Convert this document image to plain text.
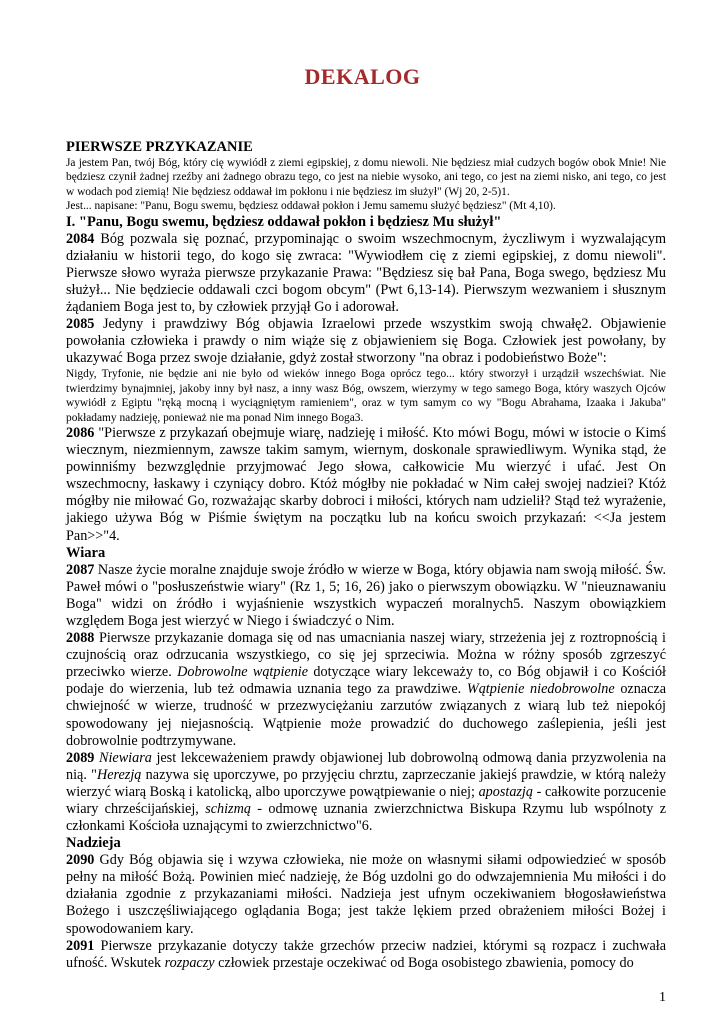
DEKALOG

PIERWSZE PRZYKAZANIE

Ja jestem Pan, twój Bóg, który cię wywiódł z ziemi egipskiej, z domu niewoli. Nie będziesz miał cudzych bogów obok Mnie! Nie będziesz czynił żadnej rzeźby ani żadnego obrazu tego, co jest na niebie wysoko, ani tego, co jest na ziemi nisko, ani tego, co jest w wodach pod ziemią! Nie będziesz oddawał im pokłonu i nie będziesz im służył" (Wj 20, 2-5)1.

Jest... napisane: "Panu, Bogu swemu, będziesz oddawał pokłon i Jemu samemu służyć będziesz" (Mt 4,10).

I. "Panu, Bogu swemu, będziesz oddawał pokłon i będziesz Mu służył"

2084 Bóg pozwala się poznać, przypominając o swoim wszechmocnym, życzliwym i wyzwalającym działaniu w historii tego, do kogo się zwraca: "Wywiodłem cię z ziemi egipskiej, z domu niewoli". Pierwsze słowo wyraża pierwsze przykazanie Prawa: "Będziesz się bał Pana, Boga swego, będziesz Mu służył... Nie będziecie oddawali czci bogom obcym" (Pwt 6,13-14). Pierwszym wezwaniem i słusznym żądaniem Boga jest to, by człowiek przyjął Go i adorował.

2085 Jedyny i prawdziwy Bóg objawia Izraelowi przede wszystkim swoją chwałę2. Objawienie powołania człowieka i prawdy o nim wiąże się z objawieniem się Boga. Człowiek jest powołany, by ukazywać Boga przez swoje działanie, gdyż został stworzony "na obraz i podobieństwo Boże":

Nigdy, Tryfonie, nie będzie ani nie było od wieków innego Boga oprócz tego... który stworzył i urządził wszechświat. Nie twierdzimy bynajmniej, jakoby inny był nasz, a inny wasz Bóg, owszem, wierzymy w tego samego Boga, który waszych Ojców wywiódł z Egiptu "ręką mocną i wyciągniętym ramieniem", oraz w tym samym co wy "Bogu Abrahama, Izaaka i Jakuba" pokładamy nadzieję, ponieważ nie ma ponad Nim innego Boga3.

2086 "Pierwsze z przykazań obejmuje wiarę, nadzieję i miłość. Kto mówi Bogu, mówi w istocie o Kimś wiecznym, niezmiennym, zawsze takim samym, wiernym, doskonale sprawiedliwym. Wynika stąd, że powinniśmy bezwzględnie przyjmować Jego słowa, całkowicie Mu wierzyć i ufać. Jest On wszechmocny, łaskawy i czyniący dobro. Któż mógłby nie pokładać w Nim całej swojej nadziei? Któż mógłby nie miłować Go, rozważając skarby dobroci i miłości, których nam udzielił? Stąd też wyrażenie, jakiego używa Bóg w Piśmie świętym na początku lub na końcu swoich przykazań: <<Ja jestem Pan>>"4.

Wiara

2087 Nasze życie moralne znajduje swoje źródło w wierze w Boga, który objawia nam swoją miłość. Św. Paweł mówi o "posłuszeństwie wiary" (Rz 1, 5; 16, 26) jako o pierwszym obowiązku. W "nieuznawaniu Boga" widzi on źródło i wyjaśnienie wszystkich wypaczeń moralnych5. Naszym obowiązkiem względem Boga jest wierzyć w Niego i świadczyć o Nim.

2088 Pierwsze przykazanie domaga się od nas umacniania naszej wiary, strzeżenia jej z roztropnością i czujnością oraz odrzucania wszystkiego, co się jej sprzeciwia. Można w różny sposób zgrzeszyć przeciwko wierze. Dobrowolne wątpienie dotyczące wiary lekceważy to, co Bóg objawił i co Kościół podaje do wierzenia, lub też odmawia uznania tego za prawdziwe. Wątpienie niedobrowolne oznacza chwiejność w wierze, trudność w przezwyciężaniu zarzutów związanych z wiarą lub też niepokój spowodowany jej niejasnością. Wątpienie może prowadzić do duchowego zaślepienia, jeśli jest dobrowolnie podtrzymywane.

2089 Niewiara jest lekceważeniem prawdy objawionej lub dobrowolną odmową dania przyzwolenia na nią. "Herezją nazywa się uporczywe, po przyjęciu chrztu, zaprzeczanie jakiejś prawdzie, w którą należy wierzyć wiarą Boską i katolicką, albo uporczywe powątpiewanie o niej; apostazją - całkowite porzucenie wiary chrześcijańskiej, schizmą - odmowę uznania zwierzchnictwa Biskupa Rzymu lub wspólnoty z członkami Kościoła uznającymi to zwierzchnictwo"6.

Nadzieja

2090 Gdy Bóg objawia się i wzywa człowieka, nie może on własnymi siłami odpowiedzieć w sposób pełny na miłość Bożą. Powinien mieć nadzieję, że Bóg uzdolni go do odwzajemnienia Mu miłości i do działania zgodnie z przykazaniami miłości. Nadzieja jest ufnym oczekiwaniem błogosławieństwa Bożego i uszczęśliwiającego oglądania Boga; jest także lękiem przed obrażeniem miłości Bożej i spowodowaniem kary.

2091 Pierwsze przykazanie dotyczy także grzechów przeciw nadziei, którymi są rozpacz i zuchwała ufność. Wskutek rozpaczy człowiek przestaje oczekiwać od Boga osobistego zbawienia, pomocy do

1
